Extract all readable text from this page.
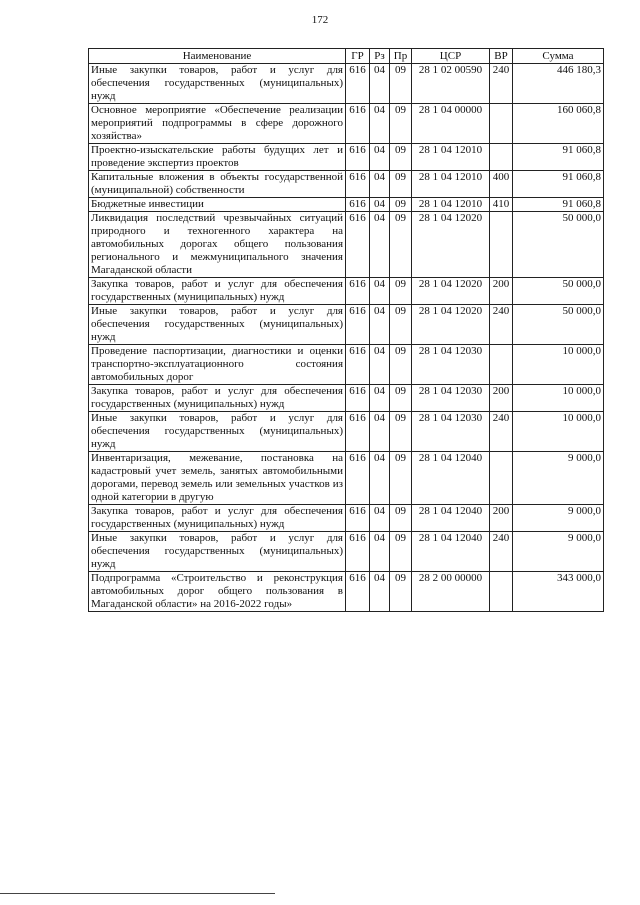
172
Наименование	ГР	Рз	Пр	ЦСР	ВР	Сумма
Иные закупки товаров, работ и услуг для обеспечения государственных (муниципальных) нужд	616	04	09	28 1 02 00590	240	446 180,3
Основное мероприятие «Обеспечение реализации мероприятий подпрограммы в сфере дорожного хозяйства»	616	04	09	28 1 04 00000		160 060,8
Проектно-изыскательские работы будущих лет и проведение экспертиз проектов	616	04	09	28 1 04 12010		91 060,8
Капитальные вложения в объекты государственной (муниципальной) собственности	616	04	09	28 1 04 12010	400	91 060,8
Бюджетные инвестиции	616	04	09	28 1 04 12010	410	91 060,8
Ликвидация последствий чрезвычайных ситуаций природного и техногенного характера на автомобильных дорогах общего пользования регионального и межмуниципального значения Магаданской области	616	04	09	28 1 04 12020		50 000,0
Закупка товаров, работ и услуг для обеспечения государственных (муниципальных) нужд	616	04	09	28 1 04 12020	200	50 000,0
Иные закупки товаров, работ и услуг для обеспечения государственных (муниципальных) нужд	616	04	09	28 1 04 12020	240	50 000,0
Проведение паспортизации, диагностики и оценки транспортно-эксплуатационного состояния автомобильных дорог	616	04	09	28 1 04 12030		10 000,0
Закупка товаров, работ и услуг для обеспечения государственных (муниципальных) нужд	616	04	09	28 1 04 12030	200	10 000,0
Иные закупки товаров, работ и услуг для обеспечения государственных (муниципальных) нужд	616	04	09	28 1 04 12030	240	10 000,0
Инвентаризация, межевание, постановка на кадастровый учет земель, занятых автомобильными дорогами, перевод земель или земельных участков из одной категории в другую	616	04	09	28 1 04 12040		9 000,0
Закупка товаров, работ и услуг для обеспечения государственных (муниципальных) нужд	616	04	09	28 1 04 12040	200	9 000,0
Иные закупки товаров, работ и услуг для обеспечения государственных (муниципальных) нужд	616	04	09	28 1 04 12040	240	9 000,0
Подпрограмма «Строительство и реконструкция автомобильных дорог общего пользования в Магаданской области» на 2016-2022 годы»	616	04	09	28 2 00 00000		343 000,0
